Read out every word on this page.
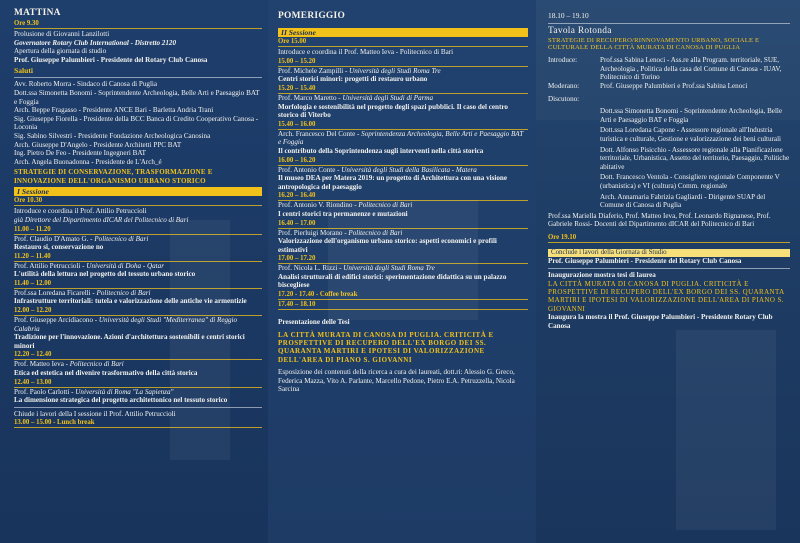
MATTINA
Ore 9.30
Prolusione di Giovanni Lanzilotti
Governatore Rotary Club International - Distretto 2120
Apertura della giornata di studio
Prof. Giuseppe Palumbieri - Presidente del Rotary Club Canosa
Saluti
Avv. Roberto Morra - Sindaco di Canosa di Puglia
Dott.ssa Simonetta Bonomi - Soprintendente Archeologia, Belle Arti e Paesaggio BAT e Foggia
Arch. Beppe Fragasso - Presidente ANCE Bari - Barletta Andria Trani
Sig. Giuseppe Fiorella - Presidente della BCC Banca di Credito Cooperativo Canosa - Loconia
Sig. Sabino Silvestri - Presidente Fondazione Archeologica Canosina
Arch. Giuseppe D'Angelo - Presidente Architetti PPC BAT
Ing. Pietro De Feo - Presidente Ingegneri BAT
Arch. Angela Buonadonna - Presidente de L'Arch_é
STRATEGIE DI CONSERVAZIONE, TRASFORMAZIONE E INNOVAZIONE DELL'ORGANISMO URBANO STORICO
I Sessione
Ore 10.30
Introduce e coordina il Prof. Attilio Petruccioli
già Direttore del Dipartimento dICAR del Politecnico di Bari
11.00 – 11.20
Prof. Claudio D'Amato G. - Politecnico di Bari
Restauro si, conservazione no
11.20 – 11.40
Prof. Attilio Petruccioli - Università di Doha - Qatar
L'utilità della lettura nel progetto del tessuto urbano storico
11.40 – 12.00
Prof.ssa Loredana Ficarelli - Politecnico di Bari
Infrastrutture territoriali: tutela e valorizzazione delle antiche vie armentizie
12.00 – 12.20
Prof. Giuseppe Arcidiacono - Università degli Studi "Mediterranea" di Reggio Calabria
Tradizione per l'innovazione. Azioni d'architettura sostenibili e centri storici minori
12.20 – 12.40
Prof. Matteo Ieva - Politecnico di Bari
Etica ed estetica nel divenire trasformativo della città storica
12.40 – 13.00
Prof. Paolo Carlotti - Università di Roma "La Sapienza"
La dimensione strategica del progetto architettonico nel tessuto storico
Chiude i lavori della I sessione il Prof. Attilio Petruccioli
13.00 – 15.00 - Lunch break
POMERIGGIO
II Sessione
Ore 15.00
Introduce e coordina il Prof. Matteo Ieva - Politecnico di Bari
15.00 – 15.20
Prof. Michele Zampilli - Università degli Studi Roma Tre
Centri storici minori: progetti di restauro urbano
15.20 – 15.40
Prof. Marco Maretto - Università degli Studi di Parma
Morfologia e sostenibilità nel progetto degli spazi pubblici. Il caso del centro storico di Viterbo
15.40 – 16.00
Arch. Francesco Del Conte - Soprintendenza Archeologia, Belle Arti e Paesaggio BAT e Foggia
Il contributo della Soprintendenza sugli interventi nella città storica
16.00 – 16.20
Prof. Antonio Conte - Università degli Studi della Basilicata - Matera
Il museo DEA per Matera 2019: un progetto di Architettura con una visione antropologica del paesaggio
16.20 – 16.40
Prof. Antonio V. Riondino - Politecnico di Bari
I centri storici tra permanenze e mutazioni
16.40 – 17.00
Prof. Pierluigi Morano - Politecnico di Bari
Valorizzazione dell'organismo urbano storico: aspetti economici e profili estimativi
17.00 – 17.20
Prof. Nicola L. Rizzi - Università degli Studi Roma Tre
Analisi strutturali di edifici storici: sperimentazione didattica su un palazzo bisceglíese
17.20 - 17.40 - Coffee break
17.40 – 18.10
Presentazione delle Tesi
LA CITTÀ MURATA DI CANOSA DI PUGLIA. CRITICITÀ E PROSPETTIVE DI RECUPERO DELL'EX BORGO DEI SS. QUARANTA MARTIRI E IPOTESI DI VALORIZZAZIONE DELL'AREA DI PIANO S. GIOVANNI
Esposizione dei contenuti della ricerca a cura dei laureati, dott.ri: Alessio G. Greco, Federica Mazza, Vito A. Parlante, Marcello Pedone, Pietro E.A. Petruzzella, Nicola Sarcina
18.10 – 19.10
Tavola Rotonda
STRATEGIE DI RECUPERO/RINNOVAMENTO URBANO, SOCIALE E CULTURALE DELLA CITTÀ MURATA DI CANOSA DI PUGLIA
Introduce:	Prof.ssa Sabina Lenoci - Ass.re alla Program. territoriale, SUE, Archeologia , Politica della casa del Comune di Canosa - IUAV, Politecnico di Torino
Moderano:	Prof. Giuseppe Palumbieri e Prof.ssa Sabina Lenoci
Discutono:
Dott.ssa Simonetta Bonomi - Soprintendente Archeologia, Belle Arti e Paesaggio BAT e Foggia
Dott.ssa Loredana Capone - Assessore regionale all'Industria turistica e culturale, Gestione e valorizzazione dei beni culturali
Dott. Alfonso Pisicchio - Assessore regionale alla Pianificazione territoriale, Urbanistica, Assetto del territorio, Paesaggio, Politiche abitative
Dott. Francesco Ventola - Consigliere regionale Componente V (urbanistica) e VI (cultura) Comm. regionale
Arch. Annamaria Fabrizia Gagliardi - Dirigente SUAP del Comune di Canosa di Puglia
Prof.ssa Mariella Diaferio, Prof. Matteo Ieva, Prof. Leonardo Rignanese, Prof. Gabriele Rossi- Docenti del Dipartimento dICAR del Politecnico di Bari
Ore 19.10
Conclude i lavori della Giornata di Studio
Prof. Giuseppe Palumbieri - Presidente del Rotary Club Canosa
Inaugurazione mostra tesi di laurea
LA CITTÀ MURATA DI CANOSA DI PUGLIA. CRITICITÀ E PROSPETTIVE DI RECUPERO DELL'EX BORGO DEI SS. QUARANTA MARTIRI E IPOTESI DI VALORIZZAZIONE DELL'AREA DI PIANO S. GIOVANNI
Inaugura la mostra il Prof. Giuseppe Palumbieri - Presidente Rotary Club Canosa
